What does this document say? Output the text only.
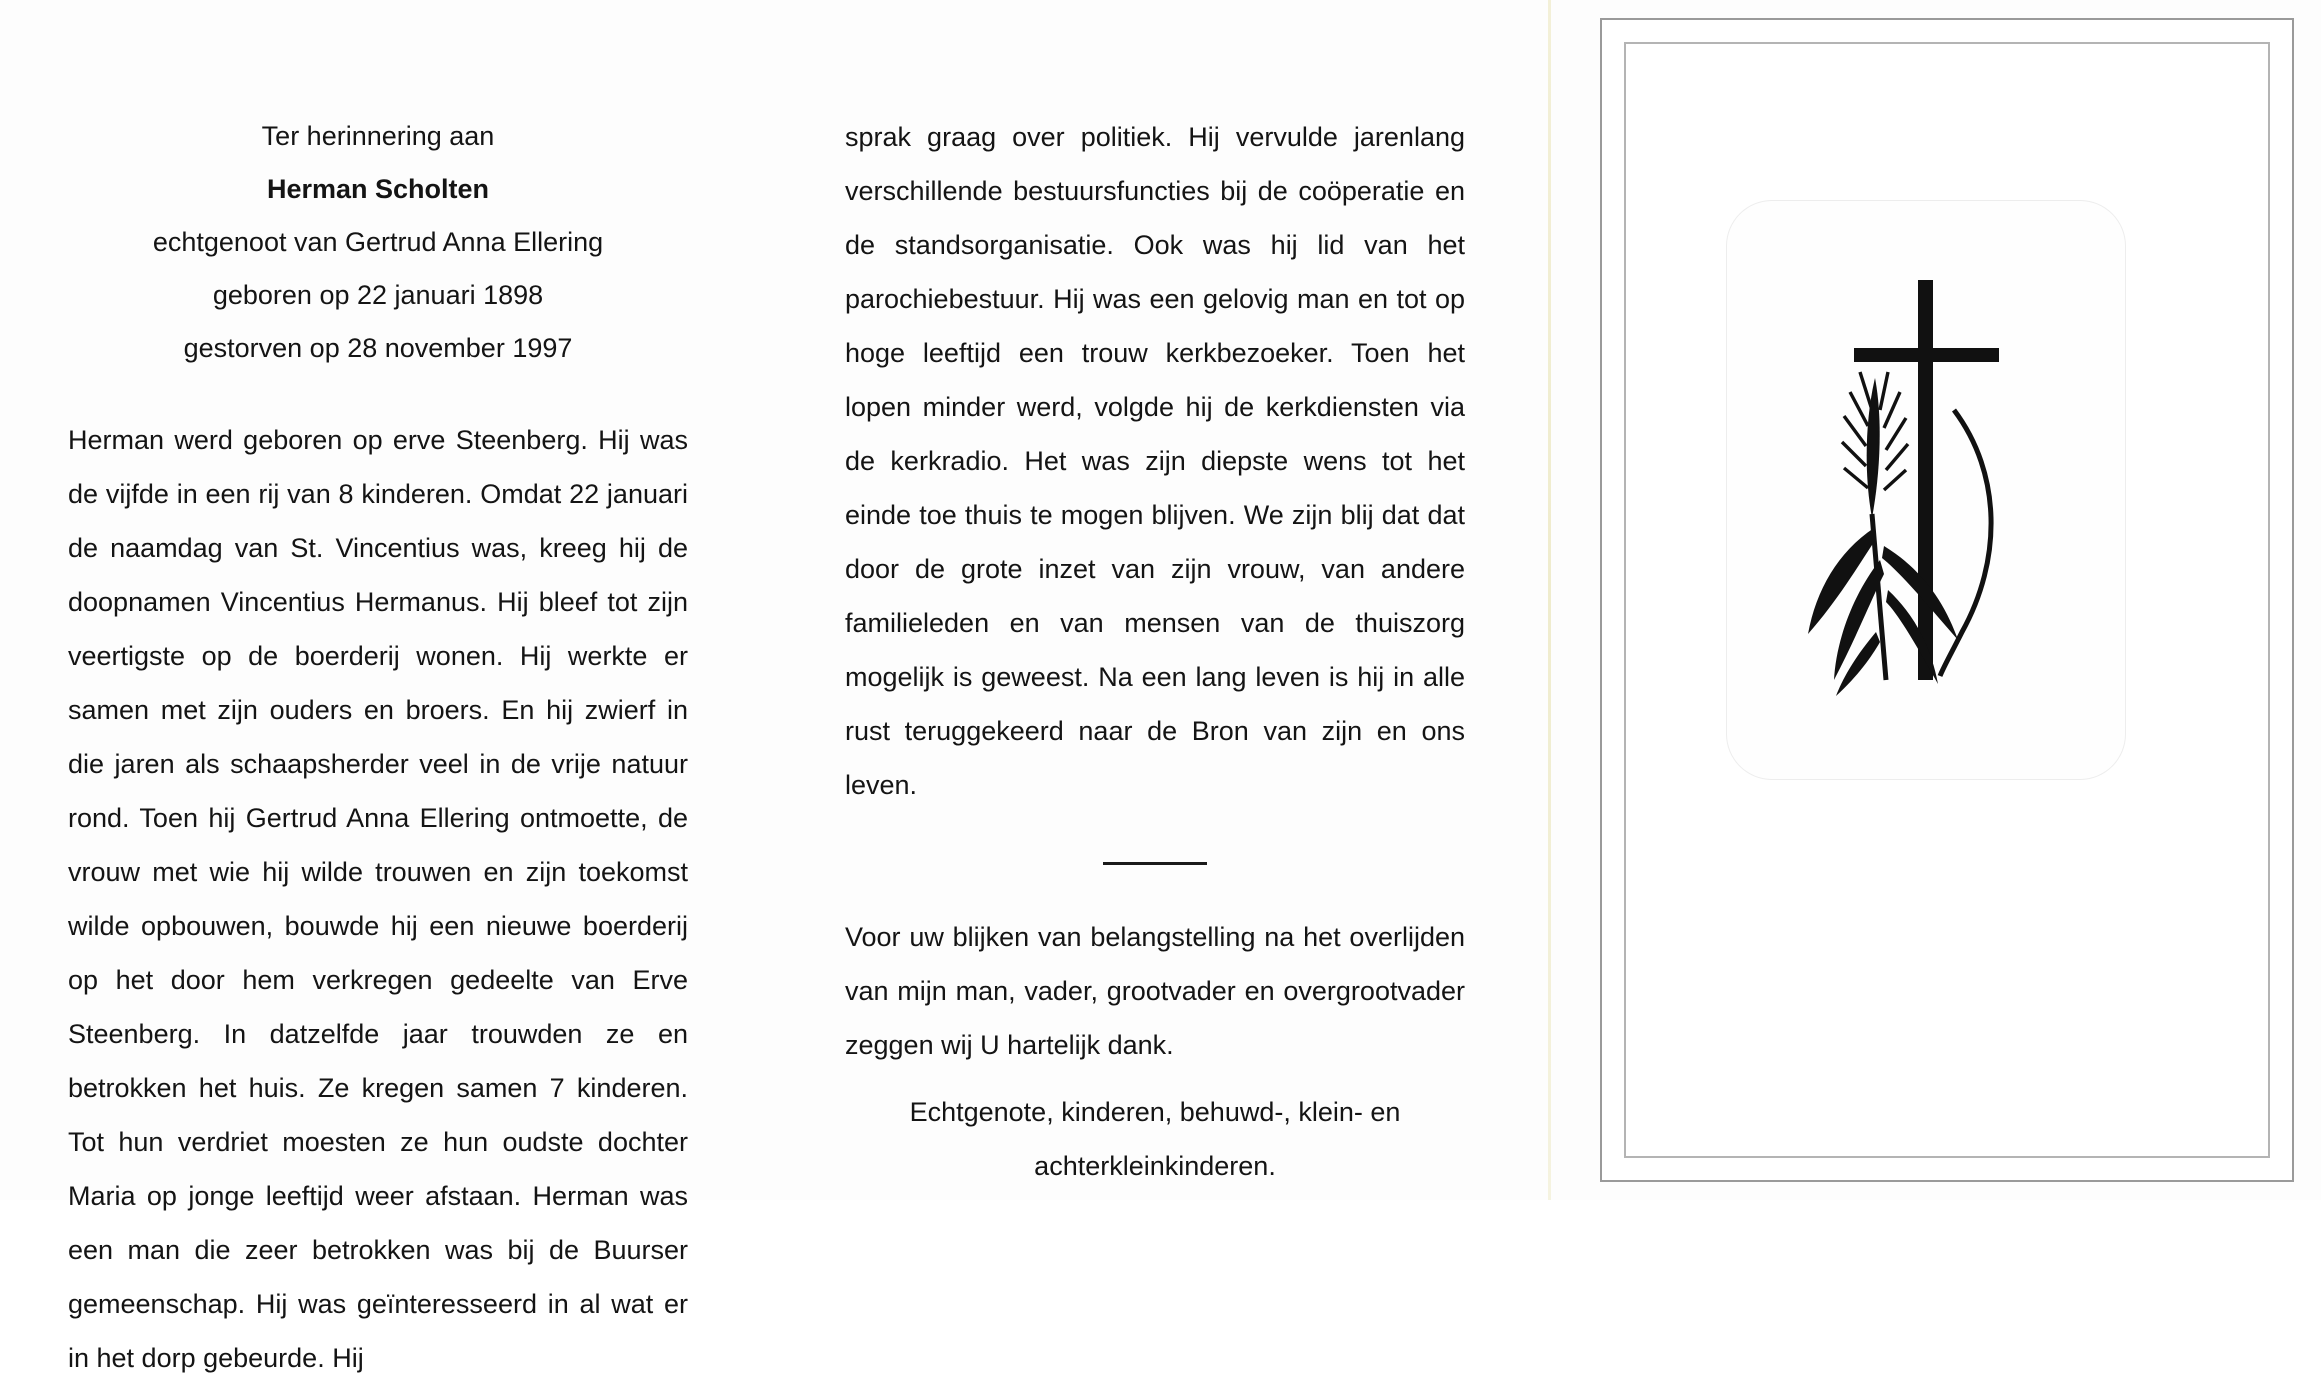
Ter herinnering aan
Herman Scholten
echtgenoot van Gertrud Anna Ellering
geboren op 22 januari 1898
gestorven op 28 november 1997
Herman werd geboren op erve Steenberg. Hij was de vijfde in een rij van 8 kinderen. Omdat 22 januari de naamdag van St. Vincentius was, kreeg hij de doopnamen Vincentius Hermanus. Hij bleef tot zijn veertigste op de boerderij wonen. Hij werkte er samen met zijn ouders en broers. En hij zwierf in die jaren als schaapsherder veel in de vrije natuur rond. Toen hij Gertrud Anna Ellering ontmoette, de vrouw met wie hij wilde trouwen en zijn toekomst wilde opbouwen, bouwde hij een nieuwe boerderij op het door hem verkregen gedeelte van Erve Steenberg. In datzelfde jaar trouwden ze en betrokken het huis. Ze kregen samen 7 kinderen. Tot hun verdriet moesten ze hun oudste dochter Maria op jonge leeftijd weer afstaan. Herman was een man die zeer betrokken was bij de Buurser gemeenschap. Hij was geïnteresseerd in al wat er in het dorp gebeurde. Hij
sprak graag over politiek. Hij vervulde jarenlang verschillende bestuursfuncties bij de coöperatie en de standsorganisatie. Ook was hij lid van het parochiebestuur. Hij was een gelovig man en tot op hoge leeftijd een trouw kerkbezoeker. Toen het lopen minder werd, volgde hij de kerkdiensten via de kerkradio. Het was zijn diepste wens tot het einde toe thuis te mogen blijven. We zijn blij dat dat door de grote inzet van zijn vrouw, van andere familieleden en van mensen van de thuiszorg mogelijk is geweest. Na een lang leven is hij in alle rust teruggekeerd naar de Bron van zijn en ons leven.
Voor uw blijken van belangstelling na het overlijden van mijn man, vader, grootvader en overgrootvader zeggen wij U hartelijk dank.
Echtgenote, kinderen, behuwd-, klein- en achterkleinkinderen.
